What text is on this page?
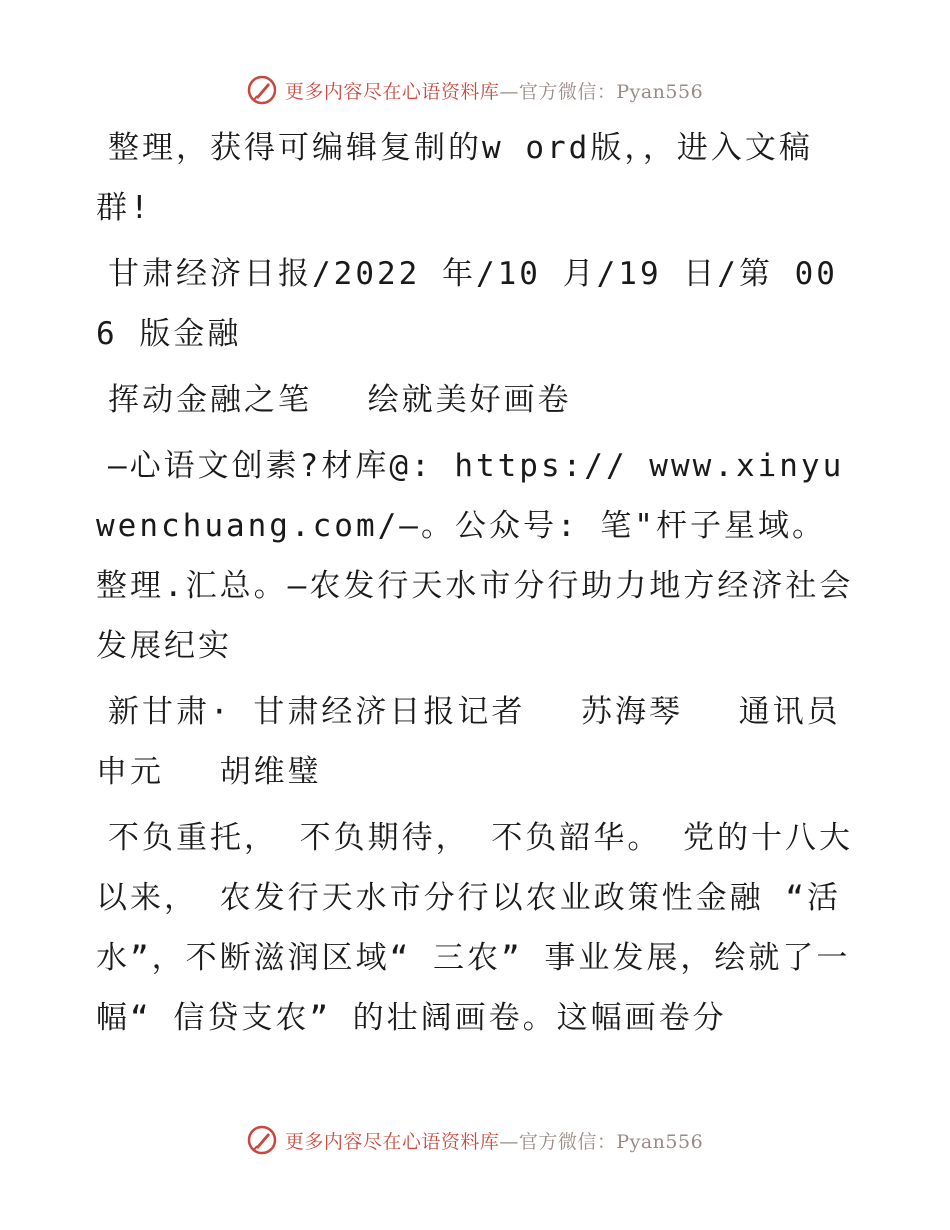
更多内容尽在心语资料库—官方微信：Pyan556

整理，获得可编辑复制的w ord版，，进入文稿群!

甘肃经济日报/2022 年/10 月/19 日/第 006 版金融

挥动金融之笔　 绘就美好画卷

—心语文创素?材库@: https:// www.xinyuwenchuang.com/—。公众号: 笔"杆子星域。整理.汇总。—农发行天水市分行助力地方经济社会发展纪实

新甘肃· 甘肃经济日报记者　 苏海琴　 通讯员　申元　 胡维璧

不负重托， 不负期待， 不负韶华。 党的十八大以来， 农发行天水市分行以农业政策性金融 “活水”，不断滋润区域“ 三农” 事业发展，绘就了一幅“ 信贷支农” 的壮阔画卷。这幅画卷分

更多内容尽在心语资料库—官方微信：Pyan556
